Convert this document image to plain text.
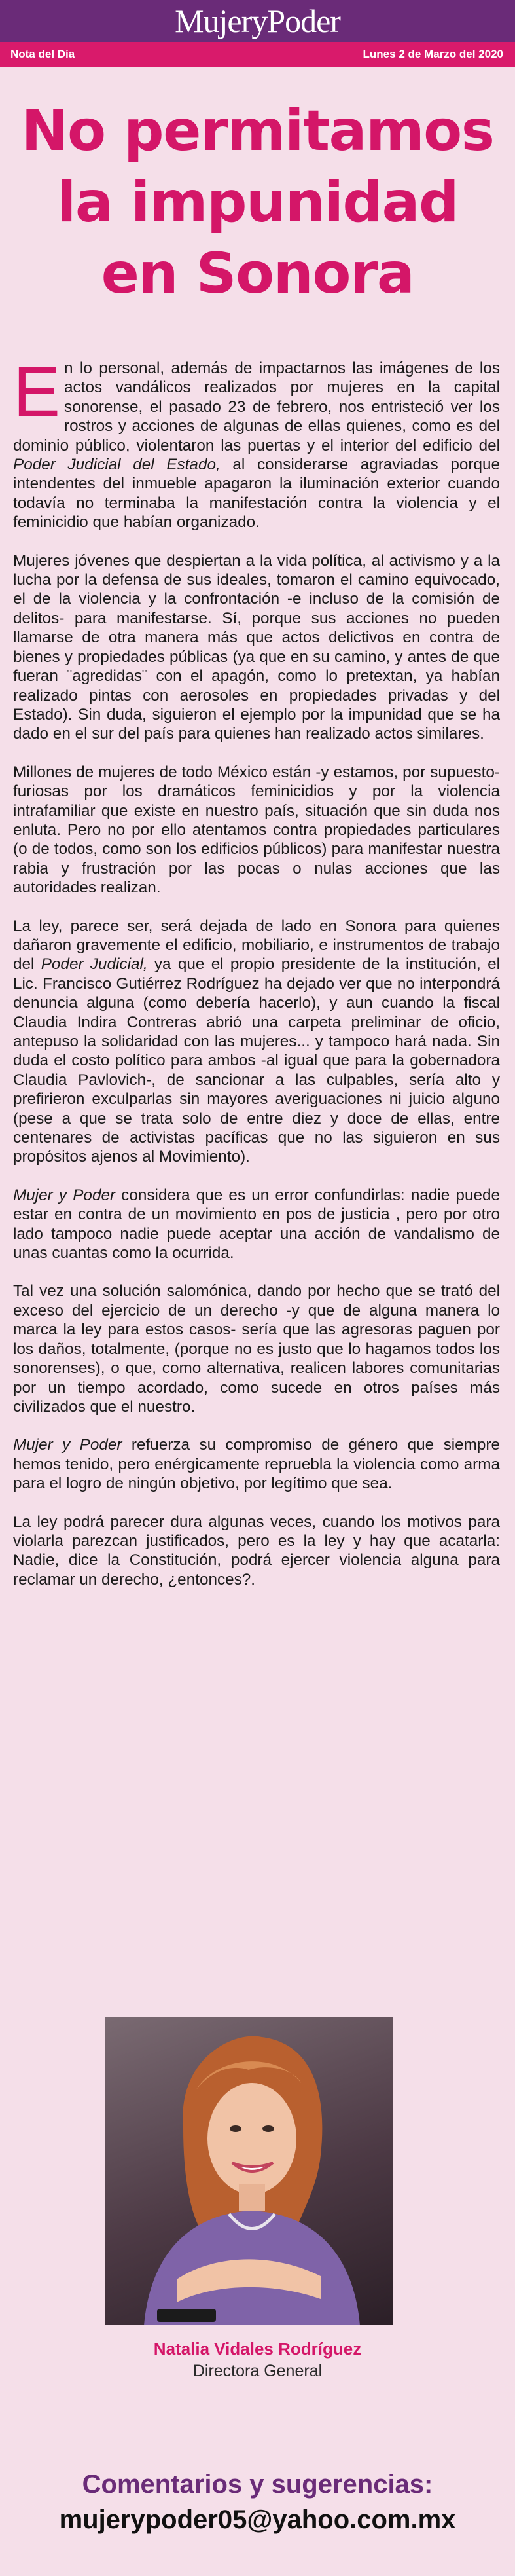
MujeryPoder
Nota del Día	Lunes 2 de Marzo del 2020
No permitamos
la impunidad
en Sonora

En lo personal, además de impactarnos las imágenes de los actos vandálicos realizados por mujeres en la capital sonorense, el pasado 23 de febrero, nos entristeció ver los rostros y acciones de algunas de ellas quienes, como es del dominio público, violentaron las puertas y el interior del edificio del Poder Judicial del Estado, al considerarse agraviadas porque intendentes del inmueble apagaron la iluminación exterior cuando todavía no terminaba la manifestación contra la violencia y el feminicidio que habían organizado.

Mujeres jóvenes que despiertan a la vida política, al activismo y a la lucha por la defensa de sus ideales, tomaron el camino equivocado, el de la violencia y la confrontación -e incluso de la comisión de delitos- para manifestarse. Sí, porque sus acciones no pueden llamarse de otra manera más que actos delictivos en contra de bienes y propiedades públicas (ya que en su camino, y antes de que fueran ¨agredidas¨ con el apagón, como lo pretextan, ya habían realizado pintas con aerosoles en propiedades privadas y del Estado). Sin duda, siguieron el ejemplo por la impunidad que se ha dado en el sur del país para quienes han realizado actos similares.

Millones de mujeres de todo México están -y estamos, por supuesto- furiosas por los dramáticos feminicidios y por la violencia intrafamiliar que existe en nuestro país, situación que sin duda nos enluta. Pero no por ello atentamos contra propiedades particulares (o de todos, como son los edificios públicos) para manifestar nuestra rabia y frustración por las pocas o nulas acciones que las autoridades realizan.

La ley, parece ser, será dejada de lado en Sonora para quienes dañaron gravemente el edificio, mobiliario, e instrumentos de trabajo del Poder Judicial, ya que el propio presidente de la institución, el Lic. Francisco Gutiérrez Rodríguez ha dejado ver que no interpondrá denuncia alguna (como debería hacerlo), y aun cuando la fiscal Claudia Indira Contreras abrió una carpeta preliminar de oficio, antepuso la solidaridad con las mujeres... y tampoco hará nada. Sin duda el costo político para ambos -al igual que para la gobernadora Claudia Pavlovich-, de sancionar a las culpables, sería alto y prefirieron exculparlas sin mayores averiguaciones ni juicio alguno (pese a que se trata solo de entre diez y doce de ellas, entre centenares de activistas pacíficas que no las siguieron en sus propósitos ajenos al Movimiento).

Mujer y Poder considera que es un error confundirlas: nadie puede estar en contra de un movimiento en pos de justicia , pero por otro lado tampoco nadie puede aceptar una acción de vandalismo de unas cuantas como la ocurrida.

Tal vez una solución salomónica, dando por hecho que se trató del exceso del ejercicio de un derecho -y que de alguna manera lo marca la ley para estos casos- sería que las agresoras paguen por los daños, totalmente, (porque no es justo que lo hagamos todos los sonorenses), o que, como alternativa, realicen labores comunitarias por un tiempo acordado, como sucede en otros países más civilizados que el nuestro.

Mujer y Poder refuerza su compromiso de género que siempre hemos tenido, pero enérgicamente repruebla la violencia como arma para el logro de ningún objetivo, por legítimo que sea.

La ley podrá parecer dura algunas veces, cuando los motivos para violarla parezcan justificados, pero es la ley y hay que acatarla: Nadie, dice la Constitución, podrá ejercer violencia alguna para reclamar un derecho, ¿entonces?.

Natalia Vidales Rodríguez
Directora General
Comentarios y sugerencias:
mujerypoder05@yahoo.com.mx
